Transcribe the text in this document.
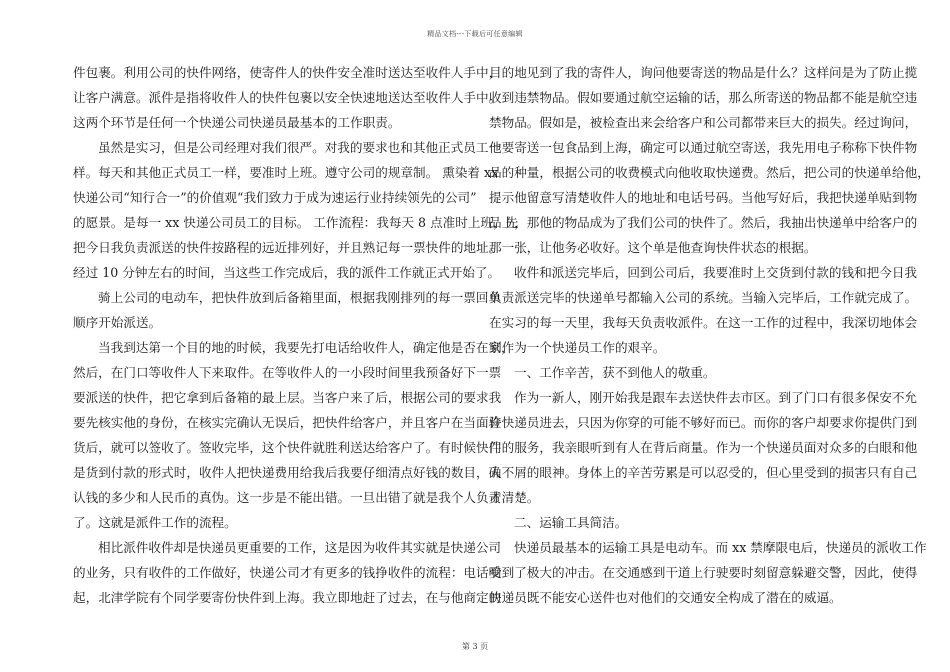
精品文档---下载后可任意编辑
件包裹。利用公司的快件网络，使寄件人的快件安全准时送达至收件人手中，
让客户满意。派件是指将收件人的快件包裹以安全快速地送达至收件人手中。
这两个环节是任何一个快递公司快递员最基本的工作职责。
虽然是实习，但是公司经理对我们很严。对我的要求也和其他正式员工一
样。每天和其他正式员工一样，要准时上班。遵守公司的规章制。 熏染着 xx
快递公司“知行合一”的价值观“我们致力于成为速运行业持续领先的公司”
的愿景。是每一 xx 快递公司员工的目标。 工作流程：我每天 8 点准时上班，先
把今日我负责派送的快件按路程的远近排列好，并且熟记每一票快件的地址。
经过 10 分钟左右的时间，当这些工作完成后，我的派件工作就正式开始了。
骑上公司的电动车，把快件放到后备箱里面，根据我刚排列的每一票回单
顺序开始派送。
当我到达第一个目的地的时候，我要先打电话给收件人，确定他是否在家，
然后，在门口等收件人下来取件。在等收件人的一小段时间里我预备好下一票
要派送的快件，把它拿到后备箱的最上层。当客户来了后，根据公司的要求我
要先核实他的身份，在核实完确认无误后，把快件给客户，并且客户在当面验
货后，就可以签收了。签收完毕，这个快件就胜利送达给客户了。有时候快件
是货到付款的形式时，收件人把快递费用给我后我要仔细清点好钱的数目，确
认钱的多少和人民币的真伪。这一步是不能出错。一旦出错了就是我个人负责
了。这就是派件工作的流程。
相比派件收件却是快递员更重要的工作，这是因为收件其实就是快递公司
的业务，只有收件的工作做好，快递公司才有更多的钱挣收件的流程：电话响
起，北津学院有个同学要寄份快件到上海。我立即地赶了过去，在与他商定的
目的地见到了我的寄件人，询问他要寄送的物品是什么？这样问是为了防止揽
收到违禁物品。假如要通过航空运输的话，那么所寄送的物品都不能是航空违
禁物品。假如是，被检查出来会给客户和公司都带来巨大的损失。经过询问，
他要寄送一包食品到上海，确定可以通过航空寄送，我先用电子称称下快件物
品的种量，根据公司的收费模式向他收取快递费。然后，把公司的快递单给他，
提示他留意写清楚收件人的地址和电话号码。当他写好后，我把快递单贴到物
品上，那他的物品成为了我们公司的快件了。然后，我抽出快递单中给客户的
那一张，让他务必收好。这个单是他查询快件状态的根据。
收件和派送完毕后，回到公司后，我要准时上交货到付款的钱和把今日我
负责派送完毕的快递单号都输入公司的系统。当输入完毕后，工作就完成了。
在实习的每一天里，我每天负责收派件。在这一工作的过程中，我深切地体会
到作为一个快递员工作的艰辛。
一、工作辛苦，获不到他人的敬重。
作为一新人，刚开始我是跟车去送快件去市区。到了门口有很多保安不允
许快递员进去，只因为你穿的可能不够好而已。而你的客户却要求你提供门到
门的服务，我亲眼听到有人在背后商量。作为一个快递员面对众多的白眼和他
人不屑的眼神。身体上的辛苦劳累是可以忍受的，但心里受到的损害只有自己
才清楚。
二、运输工具简洁。
快递员最基本的运输工具是电动车。而 xx 禁摩限电后，快递员的派收工作
受到了极大的冲击。在交通感到干道上行驶要时刻留意躲避交警，因此，使得
快递员既不能安心送件也对他们的交通安全构成了潜在的威逼。
第 3 页
